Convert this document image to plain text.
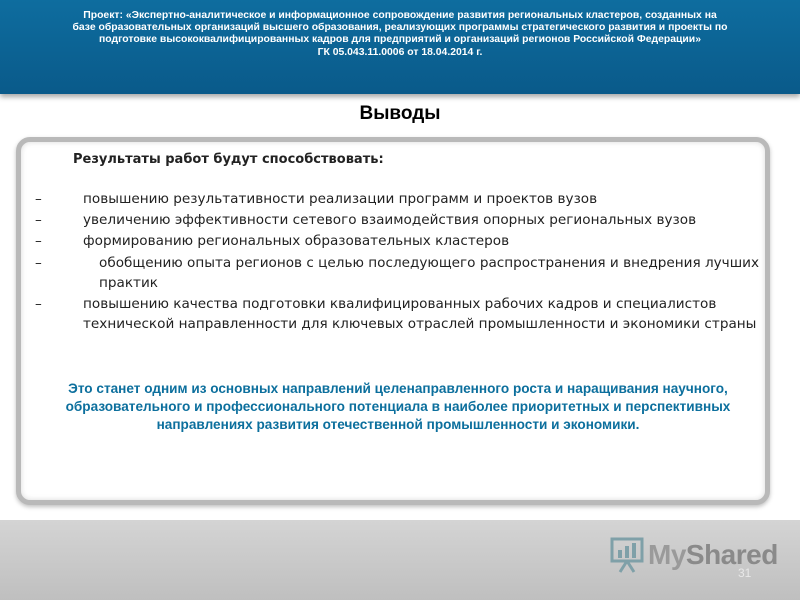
Проект: «Экспертно-аналитическое и информационное сопровождение развития региональных кластеров, созданных на
базе образовательных организаций высшего образования, реализующих программы стратегического развития и проекты по
подготовке высококвалифицированных кадров для предприятий и организаций регионов Российской Федерации»
ГК 05.043.11.0006 от 18.04.2014 г.
Выводы
Результаты работ будут способствовать:
–	повышению результативности реализации программ и проектов вузов
–	увеличению эффективности сетевого взаимодействия опорных региональных вузов
–	формированию региональных образовательных кластеров
–	обобщению опыта регионов с целью последующего распространения и внедрения лучших практик
–	повышению качества подготовки квалифицированных рабочих кадров и специалистов технической направленности для ключевых отраслей промышленности и экономики страны
Это станет одним из основных направлений целенаправленного роста и наращивания научного, образовательного и профессионального потенциала в наиболее приоритетных и перспективных направлениях развития отечественной промышленности и экономики.
MyShared
31
